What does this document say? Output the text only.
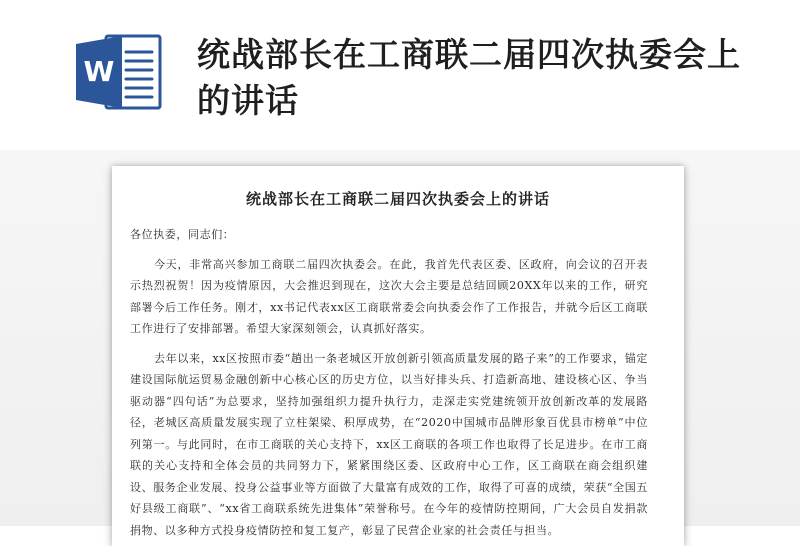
W	统战部长在工商联二届四次执委会上的讲话
统战部长在工商联二届四次执委会上的讲话

各位执委，同志们：

今天，非常高兴参加工商联二届四次执委会。在此，我首先代表区委、区政府，向会议的召开表示热烈祝贺！因为疫情原因，大会推迟到现在，这次大会主要是总结回顾20XX年以来的工作，研究部署今后工作任务。刚才，xx书记代表xx区工商联常委会向执委会作了工作报告，并就今后区工商联工作进行了安排部署。希望大家深刻领会，认真抓好落实。

去年以来，xx区按照市委“趟出一条老城区开放创新引领高质量发展的路子来”的工作要求，锚定建设国际航运贸易金融创新中心核心区的历史方位，以当好排头兵、打造新高地、建设核心区、争当驱动器“四句话”为总要求，坚持加强组织力提升执行力，走深走实党建统领开放创新改革的发展路径，老城区高质量发展实现了立柱架梁、积厚成势，在“2020中国城市品牌形象百优县市榜单”中位列第一。与此同时，在市工商联的关心支持下，xx区工商联的各项工作也取得了长足进步。在市工商联的关心支持和全体会员的共同努力下，紧紧围绕区委、区政府中心工作，区工商联在商会组织建设、服务企业发展、投身公益事业等方面做了大量富有成效的工作，取得了可喜的成绩，荣获“全国五好县级工商联”、“xx省工商联系统先进集体”荣誉称号。在今年的疫情防控期间，广大会员自发捐款捐物、以多种方式投身疫情防控和复工复产，彰显了民营企业家的社会责任与担当。
